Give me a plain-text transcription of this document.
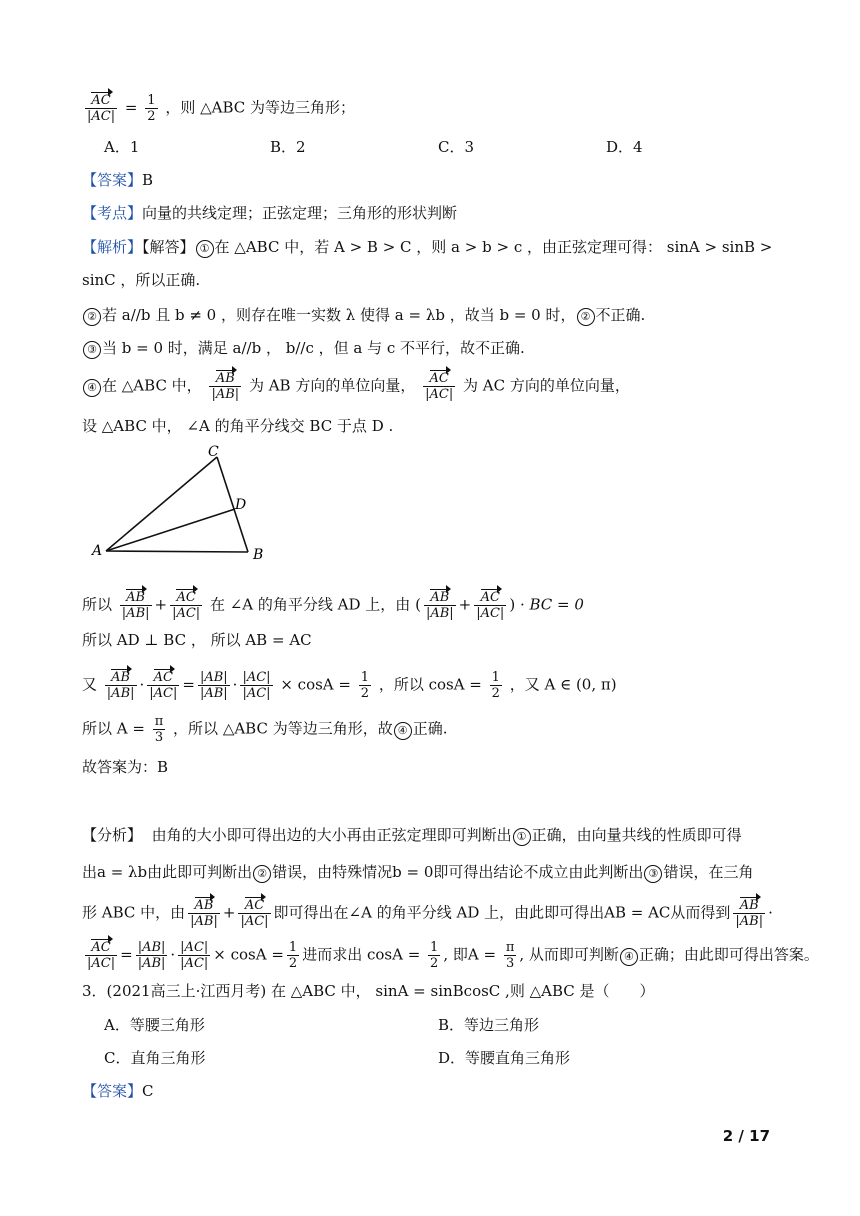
$\frac{AC}{|AC|} = \frac{1}{2}$ ，则 △ABC 为等边三角形；
A．1	B．2	C．3	D．4
【答案】B
【考点】向量的共线定理；正弦定理；三角形的形状判断
【解析】【解答】 ① 在 △ABC 中，若 A > B > C ，则 a > b > c ，由正弦定理可得： sinA > sinB >
sinC ，所以正确.
② 若 a//b 且 b ≠ 0 ，则存在唯一实数 λ 使得 a = λb ，故当 b = 0 时， ② 不正确.
③ 当 b = 0 时，满足 a//b ， b//c ，但 a 与 c 不平行，故不正确.
④ 在 △ABC 中， $\frac{AB}{|AB|}$ 为 AB 方向的单位向量， $\frac{AC}{|AC|}$ 为 AC 方向的单位向量，
设 △ABC 中， ∠A 的角平分线交 BC 于点 D .
A	B
C
D
所以 $\frac{AB}{|AB|} + \frac{AC}{|AC|}$ 在 ∠A 的角平分线 AD 上，由 ( $\frac{AB}{|AB|} + \frac{AC}{|AC|}$ ) · BC = 0
所以 AD ⊥ BC ， 所以 AB = AC
又 $\frac{AB}{|AB|} \cdot \frac{AC}{|AC|} = \frac{|AB|}{|AB|} \cdot \frac{|AC|}{|AC|} \times \cos A = \frac{1}{2}$ ，所以 $\cos A = \frac{1}{2}$ ，又 A ∈ (0, π)
所以 $A = \frac{\pi}{3}$ ，所以 △ABC 为等边三角形，故 ④ 正确.
故答案为：B
【分析】 由角的大小即可得出边的大小再由正弦定理即可判断出 ① 正确，由向量共线的性质即可得
出a = λb由此即可判断出 ② 错误，由特殊情况b = 0即可得出结论不成立由此判断出 ③ 错误，在三角
形 ABC 中，由 $\frac{AB}{|AB|} + \frac{AC}{|AC|}$ 即可得出在∠A 的角平分线 AD 上，由此即可得出AB = AC从而得到 $\frac{AB}{|AB|}$ ·
$\frac{AC}{|AC|} = \frac{|AB|}{|AB|} \cdot \frac{|AC|}{|AC|} \times \cos A = \frac{1}{2}$ 进而求出 $\cos A = \frac{1}{2}$ , 即$A = \frac{\pi}{3}$ , 从而即可判断 ④ 正确；由此即可得出答案。
3．(2021高三上·江西月考) 在 △ABC 中， sinA = sinBcosC ,则 △ABC 是（　　）
A．等腰三角形	B．等边三角形
C．直角三角形	D．等腰直角三角形
【答案】C
2 / 17
